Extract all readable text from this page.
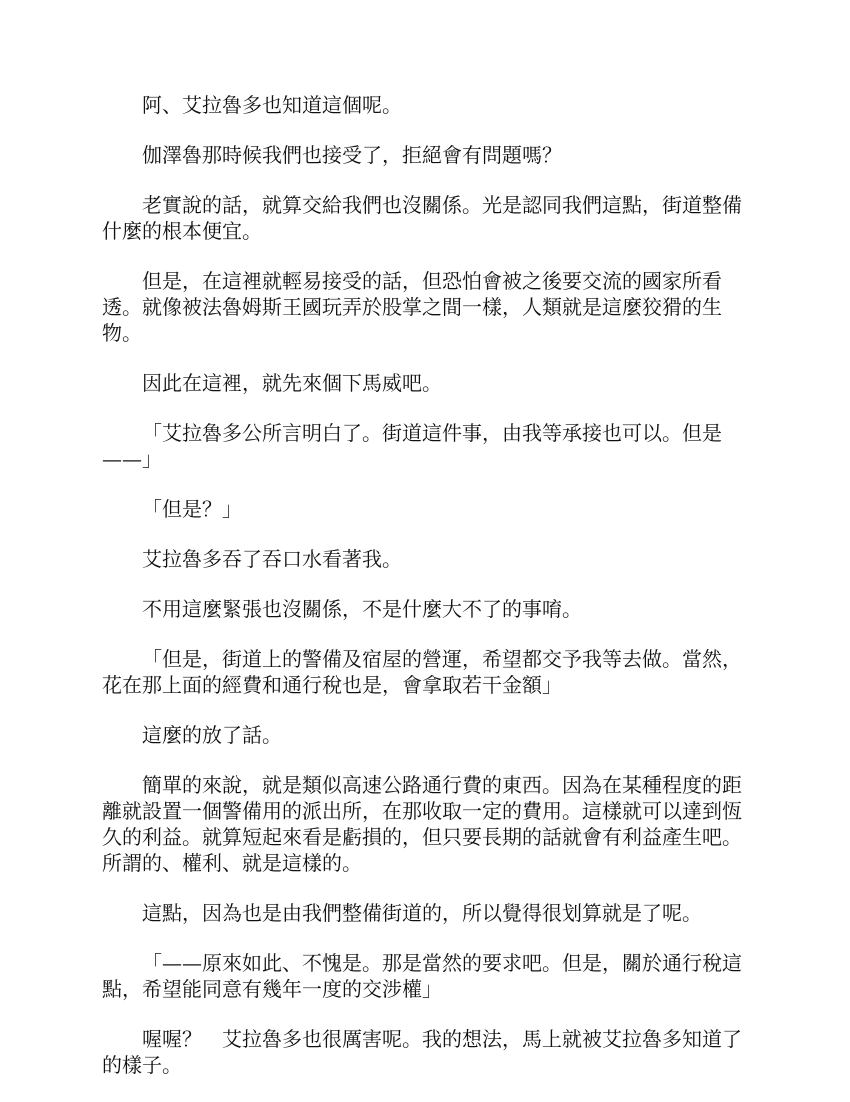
阿、艾拉魯多也知道這個呢。

伽澤魯那時候我們也接受了，拒絕會有問題嗎？

老實說的話，就算交給我們也沒關係。光是認同我們這點，街道整備什麼的根本便宜。

但是，在這裡就輕易接受的話，但恐怕會被之後要交流的國家所看透。就像被法魯姆斯王國玩弄於股掌之間一樣，人類就是這麼狡猾的生物。

因此在這裡，就先來個下馬威吧。

「艾拉魯多公所言明白了。街道這件事，由我等承接也可以。但是——」

「但是？」

艾拉魯多吞了吞口水看著我。

不用這麼緊張也沒關係，不是什麼大不了的事唷。

「但是，街道上的警備及宿屋的營運，希望都交予我等去做。當然，花在那上面的經費和通行稅也是，會拿取若干金額」

這麼的放了話。

簡單的來說，就是類似高速公路通行費的東西。因為在某種程度的距離就設置一個警備用的派出所，在那收取一定的費用。這樣就可以達到恆久的利益。就算短起來看是虧損的，但只要長期的話就會有利益產生吧。所謂的、權利、就是這樣的。

這點，因為也是由我們整備街道的，所以覺得很划算就是了呢。

「——原來如此、不愧是。那是當然的要求吧。但是，關於通行稅這點，希望能同意有幾年一度的交涉權」

喔喔？　艾拉魯多也很厲害呢。我的想法，馬上就被艾拉魯多知道了的樣子。
